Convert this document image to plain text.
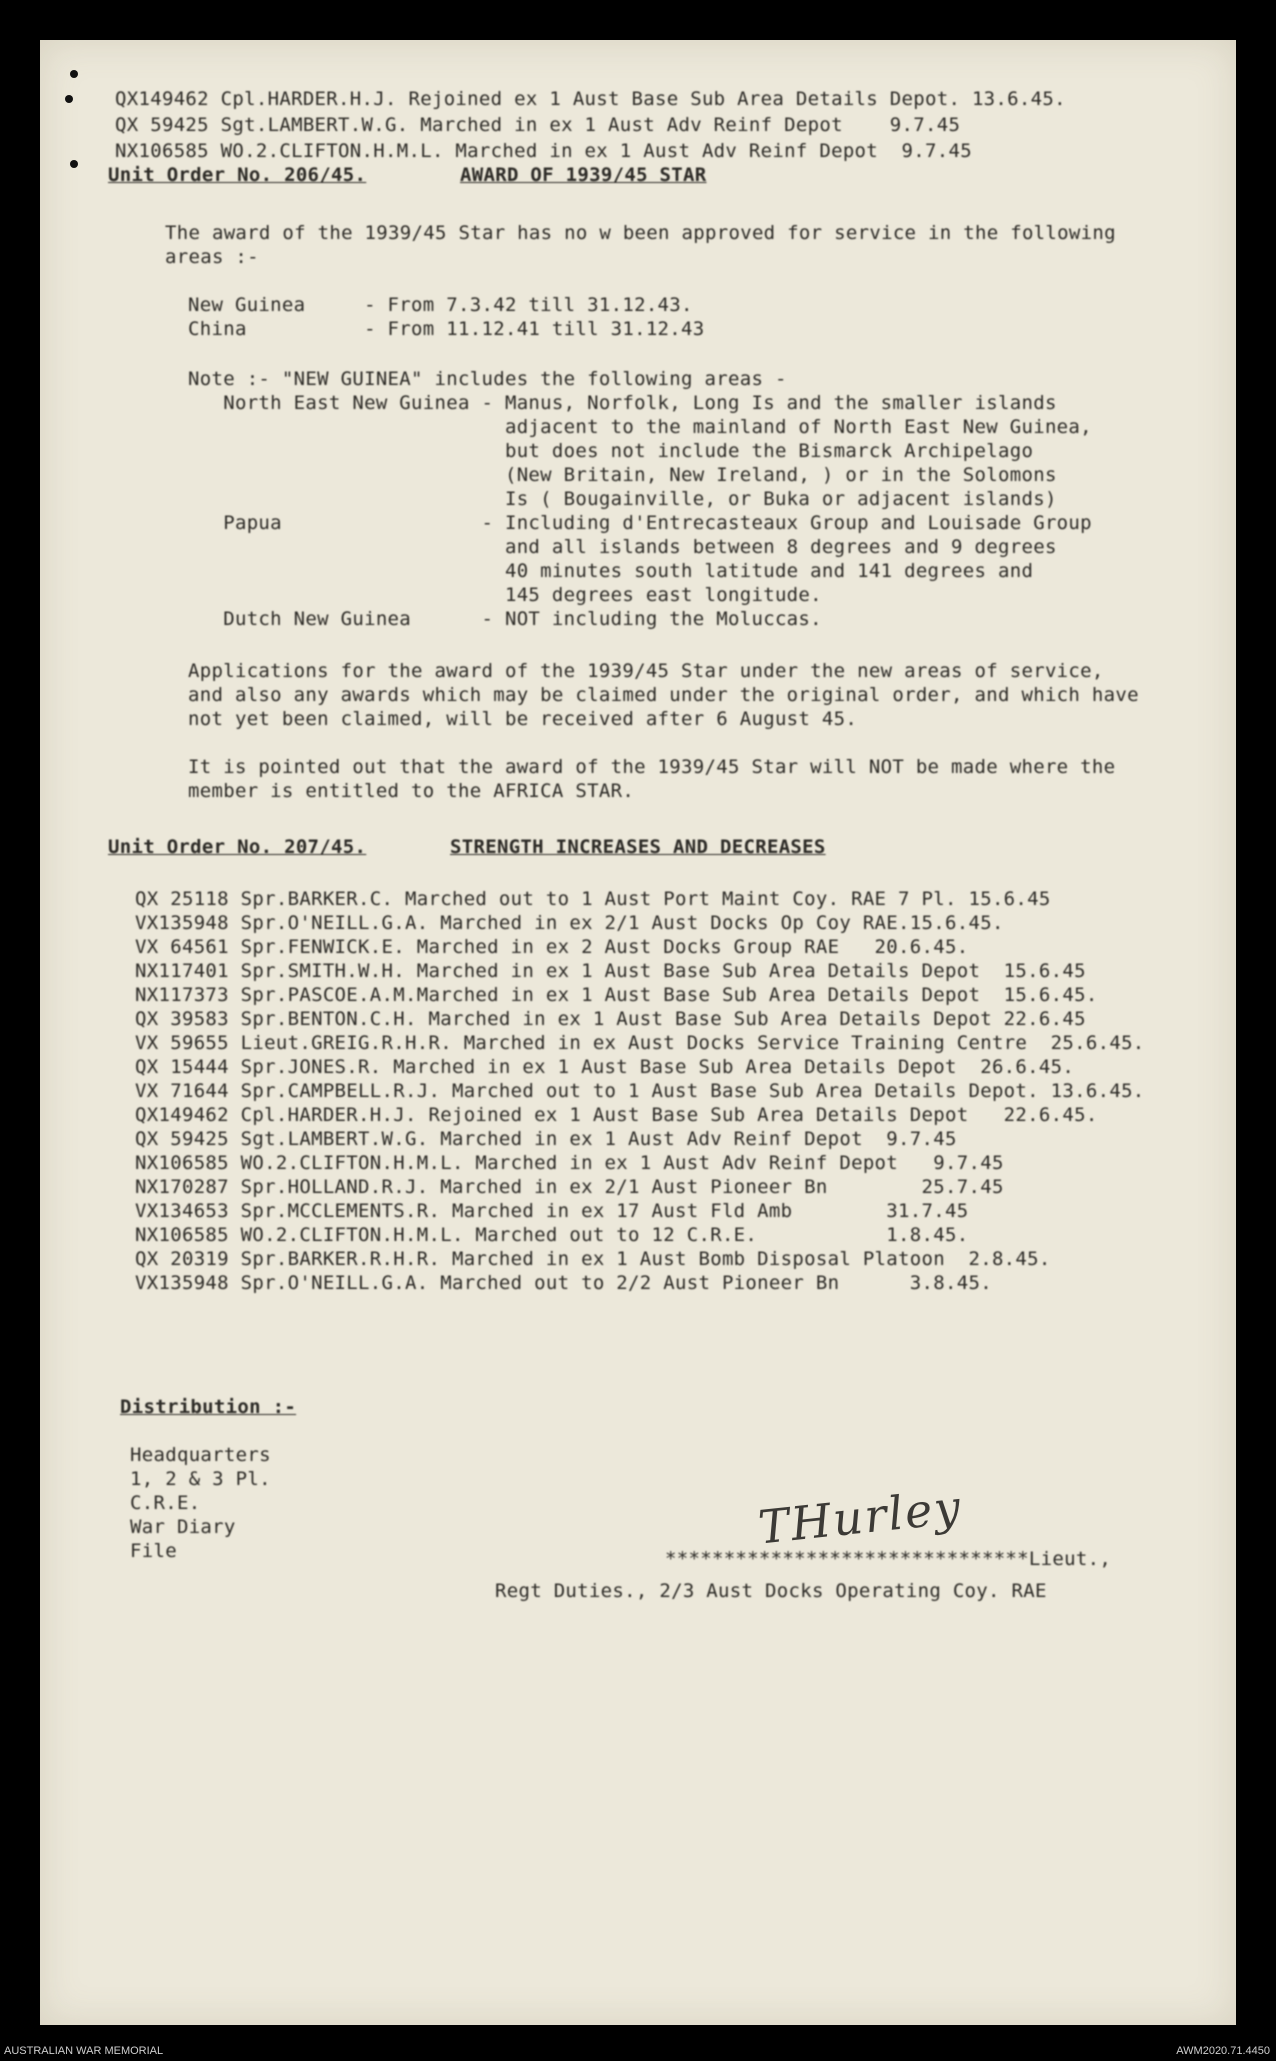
QX149462 Cpl.HARDER.H.J. Rejoined ex 1 Aust Base Sub Area Details Depot. 13.6.45.
QX 59425 Sgt.LAMBERT.W.G. Marched in ex 1 Aust Adv Reinf Depot    9.7.45
NX106585 WO.2.CLIFTON.H.M.L. Marched in ex 1 Aust Adv Reinf Depot  9.7.45
Unit Order No. 206/45.	AWARD OF 1939/45 STAR
The award of the 1939/45 Star has no w been approved for service in the following
areas :-
New Guinea     - From 7.3.42 till 31.12.43.
China          - From 11.12.41 till 31.12.43
Note :- "NEW GUINEA" includes the following areas -
North East New Guinea - Manus, Norfolk, Long Is and the smaller islands
adjacent to the mainland of North East New Guinea,
but does not include the Bismarck Archipelago
(New Britain, New Ireland, ) or in the Solomons
Is ( Bougainville, or Buka or adjacent islands)
Papua                 - Including d'Entrecasteaux Group and Louisade Group
and all islands between 8 degrees and 9 degrees
40 minutes south latitude and 141 degrees and
145 degrees east longitude.
Dutch New Guinea      - NOT including the Moluccas.
Applications for the award of the 1939/45 Star under the new areas of service,
and also any awards which may be claimed under the original order, and which have
not yet been claimed, will be received after 6 August 45.
It is pointed out that the award of the 1939/45 Star will NOT be made where the
member is entitled to the AFRICA STAR.
Unit Order No. 207/45.	STRENGTH INCREASES AND DECREASES
QX 25118 Spr.BARKER.C. Marched out to 1 Aust Port Maint Coy. RAE 7 Pl. 15.6.45
VX135948 Spr.O'NEILL.G.A. Marched in ex 2/1 Aust Docks Op Coy RAE.15.6.45.
VX 64561 Spr.FENWICK.E. Marched in ex 2 Aust Docks Group RAE   20.6.45.
NX117401 Spr.SMITH.W.H. Marched in ex 1 Aust Base Sub Area Details Depot  15.6.45
NX117373 Spr.PASCOE.A.M.Marched in ex 1 Aust Base Sub Area Details Depot  15.6.45.
QX 39583 Spr.BENTON.C.H. Marched in ex 1 Aust Base Sub Area Details Depot 22.6.45
VX 59655 Lieut.GREIG.R.H.R. Marched in ex Aust Docks Service Training Centre  25.6.45.
QX 15444 Spr.JONES.R. Marched in ex 1 Aust Base Sub Area Details Depot  26.6.45.
VX 71644 Spr.CAMPBELL.R.J. Marched out to 1 Aust Base Sub Area Details Depot. 13.6.45.
QX149462 Cpl.HARDER.H.J. Rejoined ex 1 Aust Base Sub Area Details Depot   22.6.45.
QX 59425 Sgt.LAMBERT.W.G. Marched in ex 1 Aust Adv Reinf Depot  9.7.45
NX106585 WO.2.CLIFTON.H.M.L. Marched in ex 1 Aust Adv Reinf Depot   9.7.45
NX170287 Spr.HOLLAND.R.J. Marched in ex 2/1 Aust Pioneer Bn        25.7.45
VX134653 Spr.MCCLEMENTS.R. Marched in ex 17 Aust Fld Amb        31.7.45
NX106585 WO.2.CLIFTON.H.M.L. Marched out to 12 C.R.E.           1.8.45.
QX 20319 Spr.BARKER.R.H.R. Marched in ex 1 Aust Bomb Disposal Platoon  2.8.45.
VX135948 Spr.O'NEILL.G.A. Marched out to 2/2 Aust Pioneer Bn      3.8.45.
Distribution :-
Headquarters
1, 2 & 3 Pl.
C.R.E.
War Diary
File	THurley
*******************************Lieut.,
Regt Duties., 2/3 Aust Docks Operating Coy. RAE
AUSTRALIAN WAR MEMORIAL	AWM2020.71.4450
